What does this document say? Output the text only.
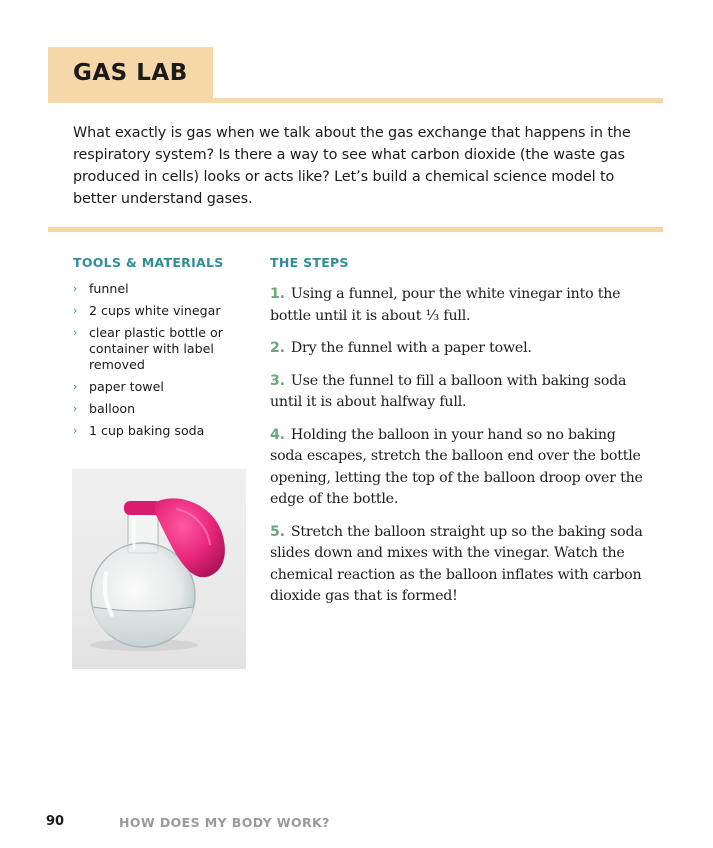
GAS LAB

What exactly is gas when we talk about the gas exchange that happens in the respiratory system? Is there a way to see what carbon dioxide (the waste gas produced in cells) looks or acts like? Let’s build a chemical science model to better understand gases.

TOOLS & MATERIALS
› funnel
› 2 cups white vinegar
› clear plastic bottle or container with label removed
› paper towel
› balloon
› 1 cup baking soda
THE STEPS
1. Using a funnel, pour the white vinegar into the bottle until it is about ⅓ full.
2. Dry the funnel with a paper towel.
3. Use the funnel to fill a balloon with baking soda until it is about halfway full.
4. Holding the balloon in your hand so no baking soda escapes, stretch the balloon end over the bottle opening, letting the top of the balloon droop over the edge of the bottle.
5. Stretch the balloon straight up so the baking soda slides down and mixes with the vinegar. Watch the chemical reaction as the balloon inflates with carbon dioxide gas that is formed!
90	HOW DOES MY BODY WORK?
